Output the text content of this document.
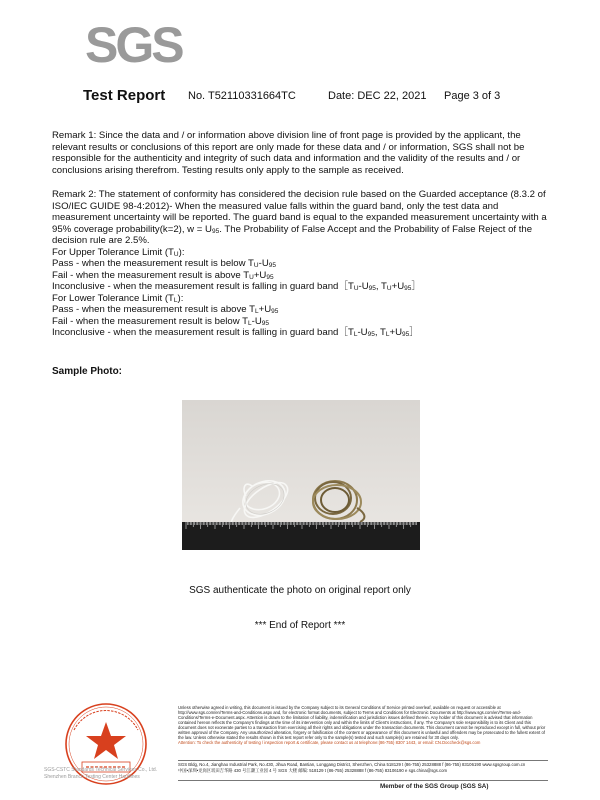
SGS
Test Report No. T52110331664TC	Date: DEC 22, 2021 Page 3 of 3

Remark 1: Since the data and / or information above division line of front page is provided by the applicant, the relevant results or conclusions of this report are only made for these data and / or information, SGS shall not be responsible for the authenticity and integrity of such data and information and the validity of the results and / or conclusions arising therefrom. Testing results only apply to the sample as received.

Remark 2: The statement of conformity has considered the decision rule based on the Guarded acceptance (8.3.2 of ISO/IEC GUIDE 98-4:2012)- When the measured value falls within the guard band, only the test data and measurement uncertainty will be reported. The guard band is equal to the expanded measurement uncertainty with a 95% coverage probability(k=2), $w = U_{95}$. The Probability of False Accept and the Probability of False Reject of the decision rule are 2.5%.

For Upper Tolerance Limit $(T_U)$:

Pass - when the measurement result is below $T_U-U_{95}$

Fail - when the measurement result is above $T_U+U_{95}$

Inconclusive - when the measurement result is falling in guard $band[T_U-U_{95}$, $T_U+U_{95}]$

For Lower Tolerance Limit $(T_L)$:

Pass - when the measurement result is above $T_L+U_{95}$

Fail - when the measurement result is below $T_L-U_{95}$

Inconclusive - when the measurement result is falling in guard $band[T_L-U_{95}$, $T_L+U_{95}]$

Sample Photo:
SGS authenticate the photo on original report only
*** End of Report ***
SGS-CSTC Standards Technical Services Co., Ltd.
Shenzhen Branch Testing Center Hardlines

Unless otherwise agreed in writing, this document is issued by the Company subject to its General Conditions of Service printed overleaf, available on request or accessible at http://www.sgs.com/en/Terms-and-Conditions.aspx and, for electronic format documents, subject to Terms and Conditions for Electronic Documents at http://www.sgs.com/en/Terms-and-Conditions/Terms-e-Document.aspx. Attention is drawn to the limitation of liability, indemnification and jurisdiction issues defined therein. Any holder of this document is advised that information contained hereon reflects the Company's findings at the time of its intervention only and within the limits of Client's instructions, if any. The Company's sole responsibility is to its Client and this document does not exonerate parties to a transaction from exercising all their rights and obligations under the transaction documents. This document cannot be reproduced except in full, without prior written approval of the Company. Any unauthorized alteration, forgery or falsification of the content or appearance of this document is unlawful and offenders may be prosecuted to the fullest extent of the law. Unless otherwise stated the results shown in this test report refer only to the sample(s) tested and such sample(s) are retained for 30 days only.

Attention: To check the authenticity of testing / inspection report & certificate, please contact us at telephone:(86-755) 8307 1443, or email: CN.Doccheck@sgs.com

SGS Bldg, No.4, Jianghao Industrial Park, No.430, Jihua Road, Bantian, Longgang District, Shenzhen, China 518129 t (86-755) 25328888 f (86-755) 83106190 www.sgsgroup.com.cn
中国•深圳•龙岗区坂田吉华路 430 号江灏工业园 4 号 SGS 大楼 邮编: 518129 t (86-755) 25328888 f (86-755) 83106190 e sgs.china@sgs.com
Member of the SGS Group (SGS SA)
